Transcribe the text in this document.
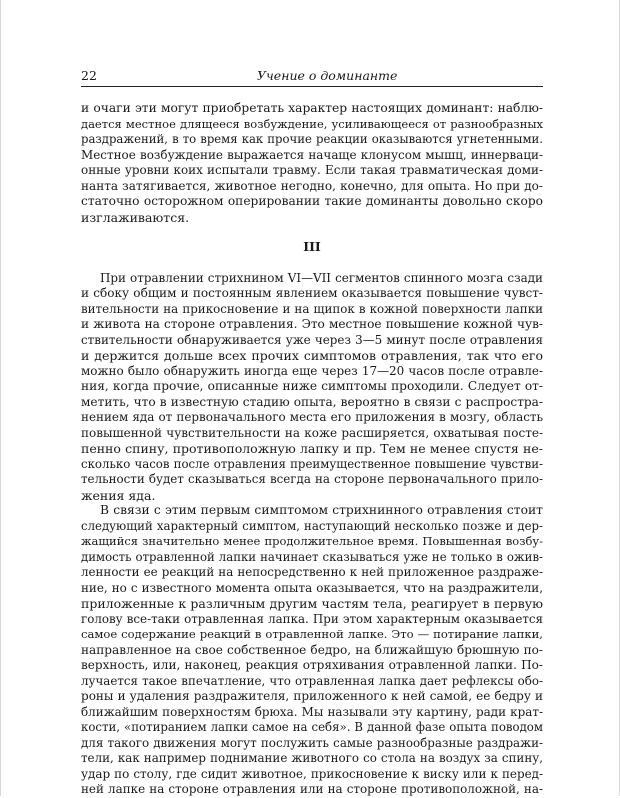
22	Учение о доминанте

и очаги эти могут приобретать характер настоящих доминант: наблю-
дается местное длящееся возбуждение, усиливающееся от разнообразных
раздражений, в то время как прочие реакции оказываются угнетенными.
Местное возбуждение выражается начаще клонусом мышц, иннервaци-
онные уровни коих испытали травму. Если такая травматическая доми-
нанта затягивается, животное негодно, конечно, для опыта. Но при до-
статочно осторожном оперировании такие доминанты довольно скоро
изглаживаются.

III

При отравлении стрихнином VI—VII сегментов спинного мозга сзади
и сбоку общим и постоянным явлением оказывается повышение чувст-
вительности на прикосновение и на щипок в кожной поверхности лапки
и живота на стороне отравления. Это местное повышение кожной чув-
ствительности обнаруживается уже через 3—5 минут после отравления
и держится дольше всех прочих симптомов отравления, так что его
можно было обнаружить иногда еще через 17—20 часов после отравле-
ния, когда прочие, описанные ниже симптомы проходили. Следует от-
метить, что в известную стадию опыта, вероятно в связи с распростра-
нением яда от первоначального места его приложения в мозгу, область
повышенной чувствительности на коже расширяется, охватывая посте-
пенно спину, противоположную лапку и пр. Тем не менее спустя не-
сколько часов после отравления преимущественное повышение чувстви-
тельности будет сказываться всегда на стороне первоначального прило-
жения яда.

В связи с этим первым симптомом стрихнинного отравления стоит
следующий характерный симптом, наступающий несколько позже и дер-
жащийся значительно менее продолжительное время. Повышенная возбу-
димость отравленной лапки начинает сказываться уже не только в ожив-
ленности ее реакций на непосредственно к ней приложенное раздраже-
ние, но с известного момента опыта оказывается, что на раздражители,
приложенные к различным другим частям тела, реагирует в первую
голову все-таки отравленная лапка. При этом характерным оказывается
самое содержание реакций в отравленной лапке. Это — потирание лапки,
направленное на свое собственное бедро, на ближайшую брюшную по-
верхность, или, наконец, реакция отряхивания отравленной лапки. По-
лучается такое впечатление, что отравленная лапка дает рефлексы обо-
роны и удаления раздражителя, приложенного к ней самой, ее бедру и
ближайшим поверхностям брюха. Мы называли эту картину, ради крат-
кости, «потиранием лапки самое на себя». В данной фазе опыта поводом
для такого движения могут послужить самые разнообразные раздражи-
тели, как например поднимание животного со стола на воздух за спину,
удар по столу, где сидит животное, прикосновение к виску или к перед-
ней лапке на стороне отравления или на стороне противоположной, на-
